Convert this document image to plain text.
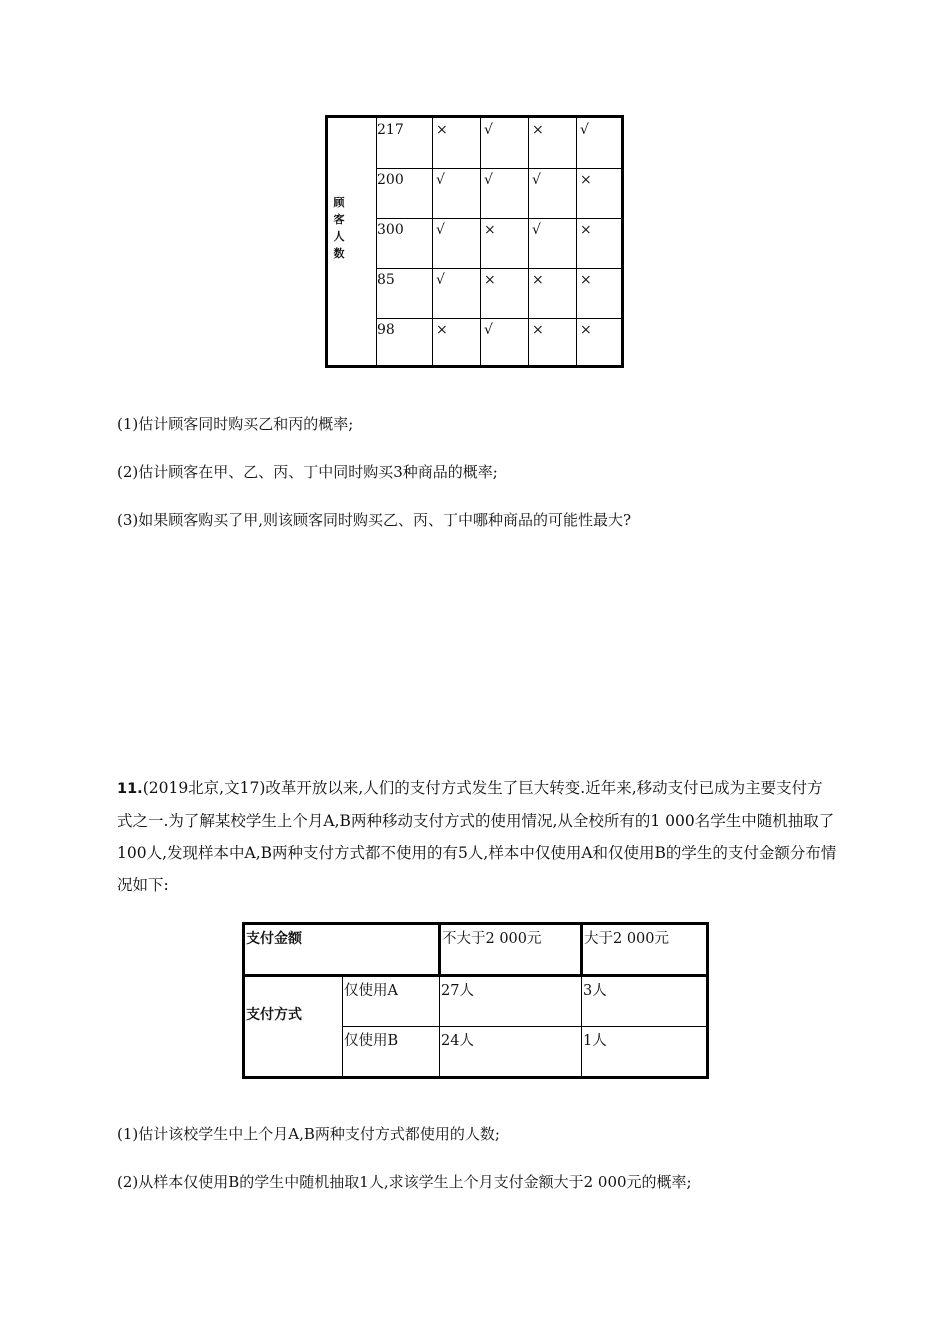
顾
客
人
数
217	×	√	×	√
200	√	√	√	×
300	√	×	√	×
85	√	×	×	×
98	×	√	×	×
(1)估计顾客同时购买乙和丙的概率;
(2)估计顾客在甲、乙、丙、丁中同时购买3种商品的概率;
(3)如果顾客购买了甲,则该顾客同时购买乙、丙、丁中哪种商品的可能性最大?
11.(2019北京,文17)改革开放以来,人们的支付方式发生了巨大转变.近年来,移动支付已成为主要支付方式之一.为了解某校学生上个月A,B两种移动支付方式的使用情况,从全校所有的1 000名学生中随机抽取了100人,发现样本中A,B两种支付方式都不使用的有5人,样本中仅使用A和仅使用B的学生的支付金额分布情况如下:
支付金额	不大于2 000元	大于2 000元
支付方式
仅使用A	27人	3人
仅使用B	24人	1人
(1)估计该校学生中上个月A,B两种支付方式都使用的人数;
(2)从样本仅使用B的学生中随机抽取1人,求该学生上个月支付金额大于2 000元的概率;
